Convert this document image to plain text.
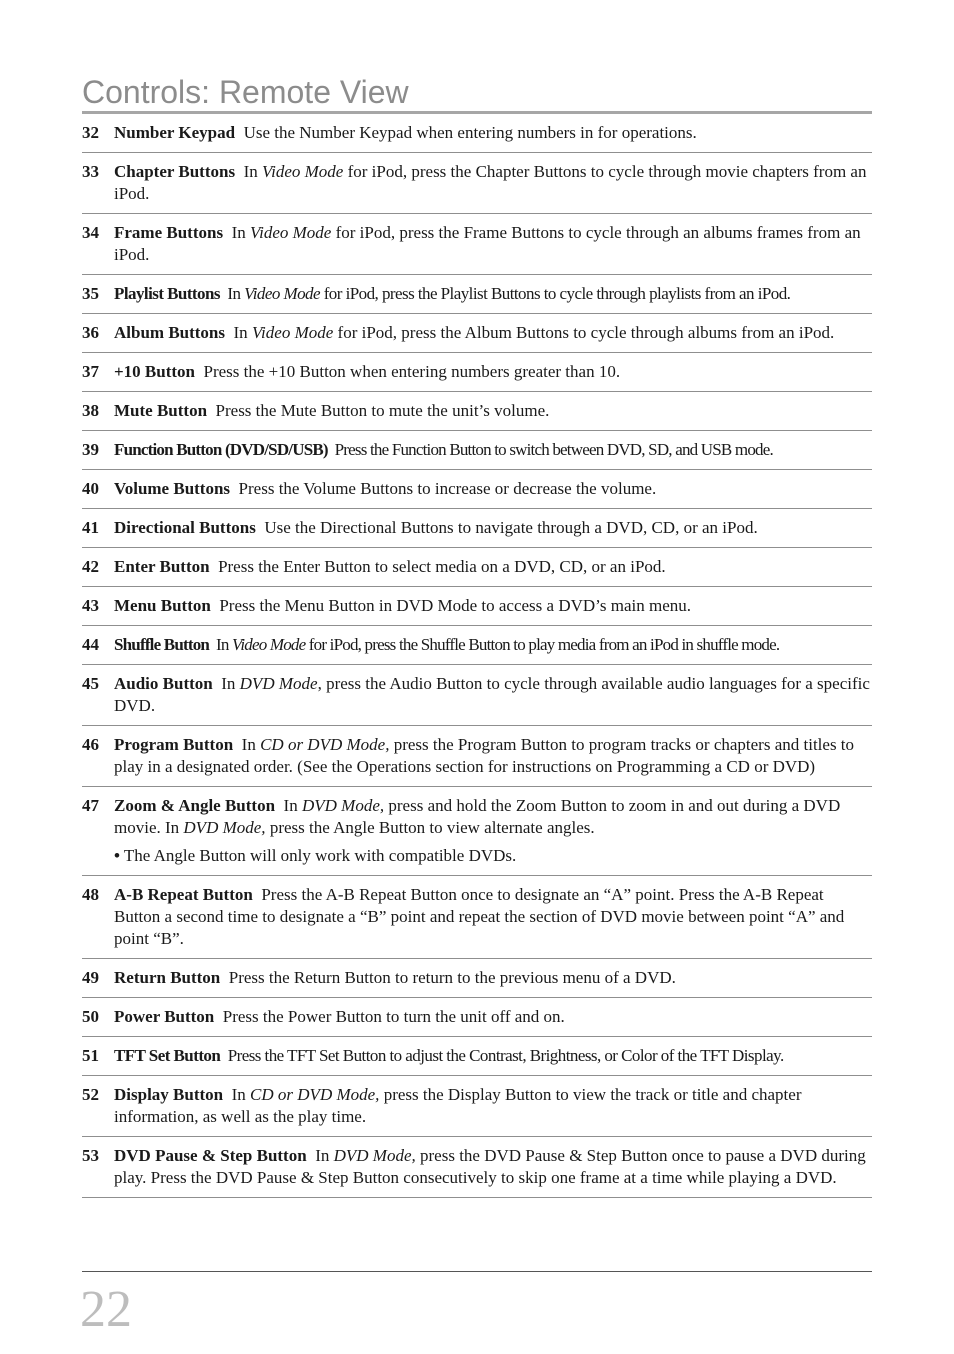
Controls: Remote View
32 Number Keypad Use the Number Keypad when entering numbers in for operations.
33 Chapter Buttons In Video Mode for iPod, press the Chapter Buttons to cycle through movie chapters from an iPod.
34 Frame Buttons In Video Mode for iPod, press the Frame Buttons to cycle through an albums frames from an iPod.
35 Playlist Buttons In Video Mode for iPod, press the Playlist Buttons to cycle through playlists from an iPod.
36 Album Buttons In Video Mode for iPod, press the Album Buttons to cycle through albums from an iPod.
37 +10 Button Press the +10 Button when entering numbers greater than 10.
38 Mute Button Press the Mute Button to mute the unit’s volume.
39 Function Button (DVD/SD/USB) Press the Function Button to switch between DVD, SD, and USB mode.
40 Volume Buttons Press the Volume Buttons to increase or decrease the volume.
41 Directional Buttons Use the Directional Buttons to navigate through a DVD, CD, or an iPod.
42 Enter Button Press the Enter Button to select media on a DVD, CD, or an iPod.
43 Menu Button Press the Menu Button in DVD Mode to access a DVD’s main menu.
44 Shuffle Button In Video Mode for iPod, press the Shuffle Button to play media from an iPod in shuffle mode.
45 Audio Button In DVD Mode, press the Audio Button to cycle through available audio languages for a specific DVD.
46 Program Button In CD or DVD Mode, press the Program Button to program tracks or chapters and titles to play in a designated order. (See the Operations section for instructions on Programming a CD or DVD)
47 Zoom & Angle Button In DVD Mode, press and hold the Zoom Button to zoom in and out during a DVD movie. In DVD Mode, press the Angle Button to view alternate angles.
• The Angle Button will only work with compatible DVDs.
48 A-B Repeat Button Press the A-B Repeat Button once to designate an “A” point. Press the A-B Repeat Button a second time to designate a “B” point and repeat the section of DVD movie between point “A” and point “B”.
49 Return Button Press the Return Button to return to the previous menu of a DVD.
50 Power Button Press the Power Button to turn the unit off and on.
51 TFT Set Button Press the TFT Set Button to adjust the Contrast, Brightness, or Color of the TFT Display.
52 Display Button In CD or DVD Mode, press the Display Button to view the track or title and chapter information, as well as the play time.
53 DVD Pause & Step Button In DVD Mode, press the DVD Pause & Step Button once to pause a DVD during play. Press the DVD Pause & Step Button consecutively to skip one frame at a time while playing a DVD.
22
